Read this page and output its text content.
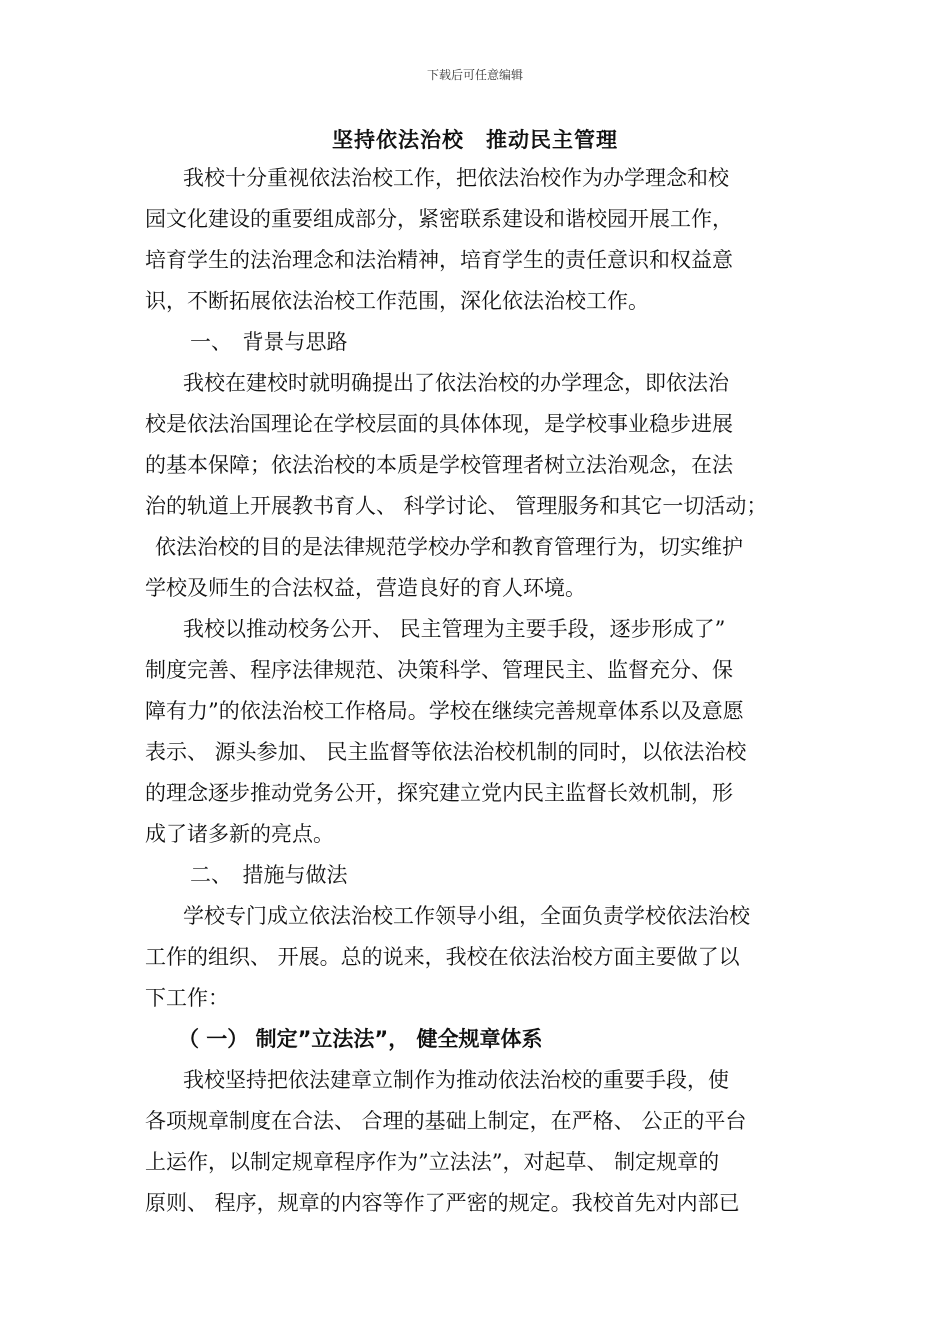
下载后可任意编辑
坚持依法治校　推动民主管理
我校十分重视依法治校工作，把依法治校作为办学理念和校
园文化建设的重要组成部分，紧密联系建设和谐校园开展工作，
培育学生的法治理念和法治精神，培育学生的责任意识和权益意
识，不断拓展依法治校工作范围，深化依法治校工作。
一、　背景与思路
我校在建校时就明确提出了依法治校的办学理念，即依法治
校是依法治国理论在学校层面的具体体现，是学校事业稳步进展
的基本保障；依法治校的本质是学校管理者树立法治观念，在法
治的轨道上开展教书育人、 科学讨论、 管理服务和其它一切活动；
依法治校的目的是法律规范学校办学和教育管理行为，切实维护
学校及师生的合法权益，营造良好的育人环境。
我校以推动校务公开、 民主管理为主要手段，逐步形成了”
制度完善、程序法律规范、决策科学、管理民主、监督充分、保
障有力”的依法治校工作格局。学校在继续完善规章体系以及意愿
表示、 源头参加、 民主监督等依法治校机制的同时，以依法治校
的理念逐步推动党务公开，探究建立党内民主监督长效机制，形
成了诸多新的亮点。
二、　措施与做法
学校专门成立依法治校工作领导小组，全面负责学校依法治校
工作的组织、 开展。总的说来，我校在依法治校方面主要做了以
下工作：
（ 一） 制定”立法法”， 健全规章体系
我校坚持把依法建章立制作为推动依法治校的重要手段，使
各项规章制度在合法、 合理的基础上制定，在严格、 公正的平台
上运作，以制定规章程序作为”立法法”，对起草、 制定规章的
原则、 程序，规章的内容等作了严密的规定。我校首先对内部已
